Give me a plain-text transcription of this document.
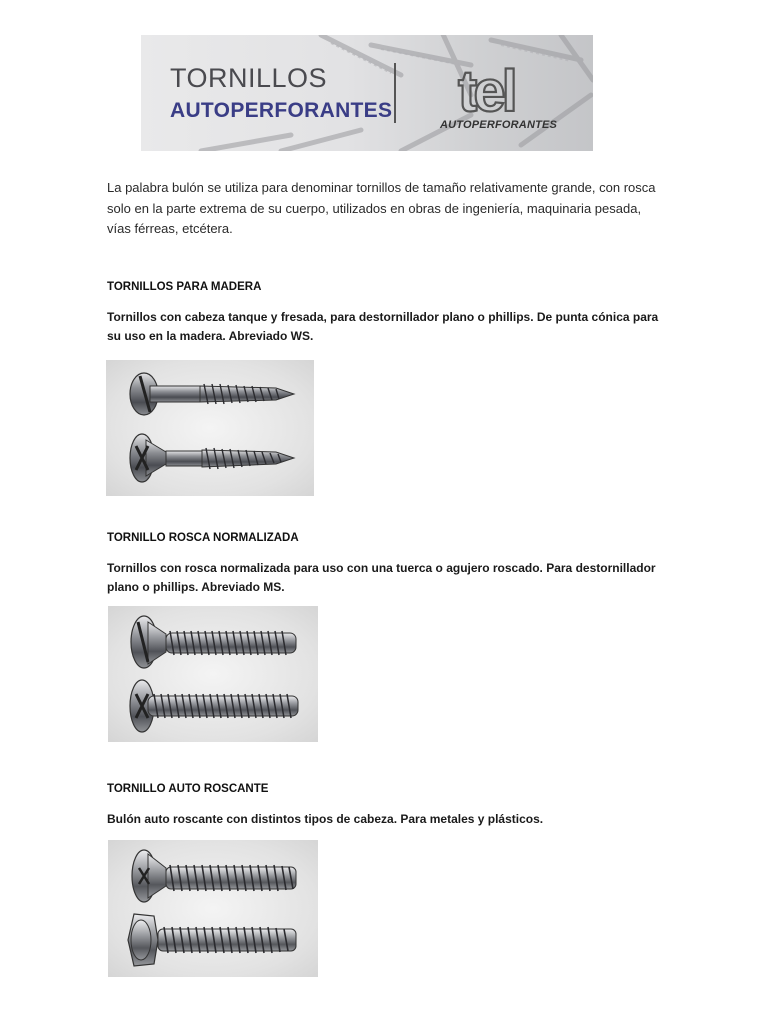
TORNILLOS
AUTOPERFORANTES tel
AUTOPERFORANTES

La palabra bulón se utiliza para denominar tornillos de tamaño relativamente grande, con rosca solo en la parte extrema de su cuerpo, utilizados en obras de ingeniería, maquinaria pesada, vías férreas, etcétera.

TORNILLOS PARA MADERA

Tornillos con cabeza tanque y fresada, para destornillador plano o phillips. De punta cónica para su uso en la madera. Abreviado WS.

TORNILLO ROSCA NORMALIZADA

Tornillos con rosca normalizada para uso con una tuerca o agujero roscado. Para destornillador plano o phillips. Abreviado MS.

TORNILLO AUTO ROSCANTE

Bulón auto roscante con distintos tipos de cabeza. Para metales y plásticos.
